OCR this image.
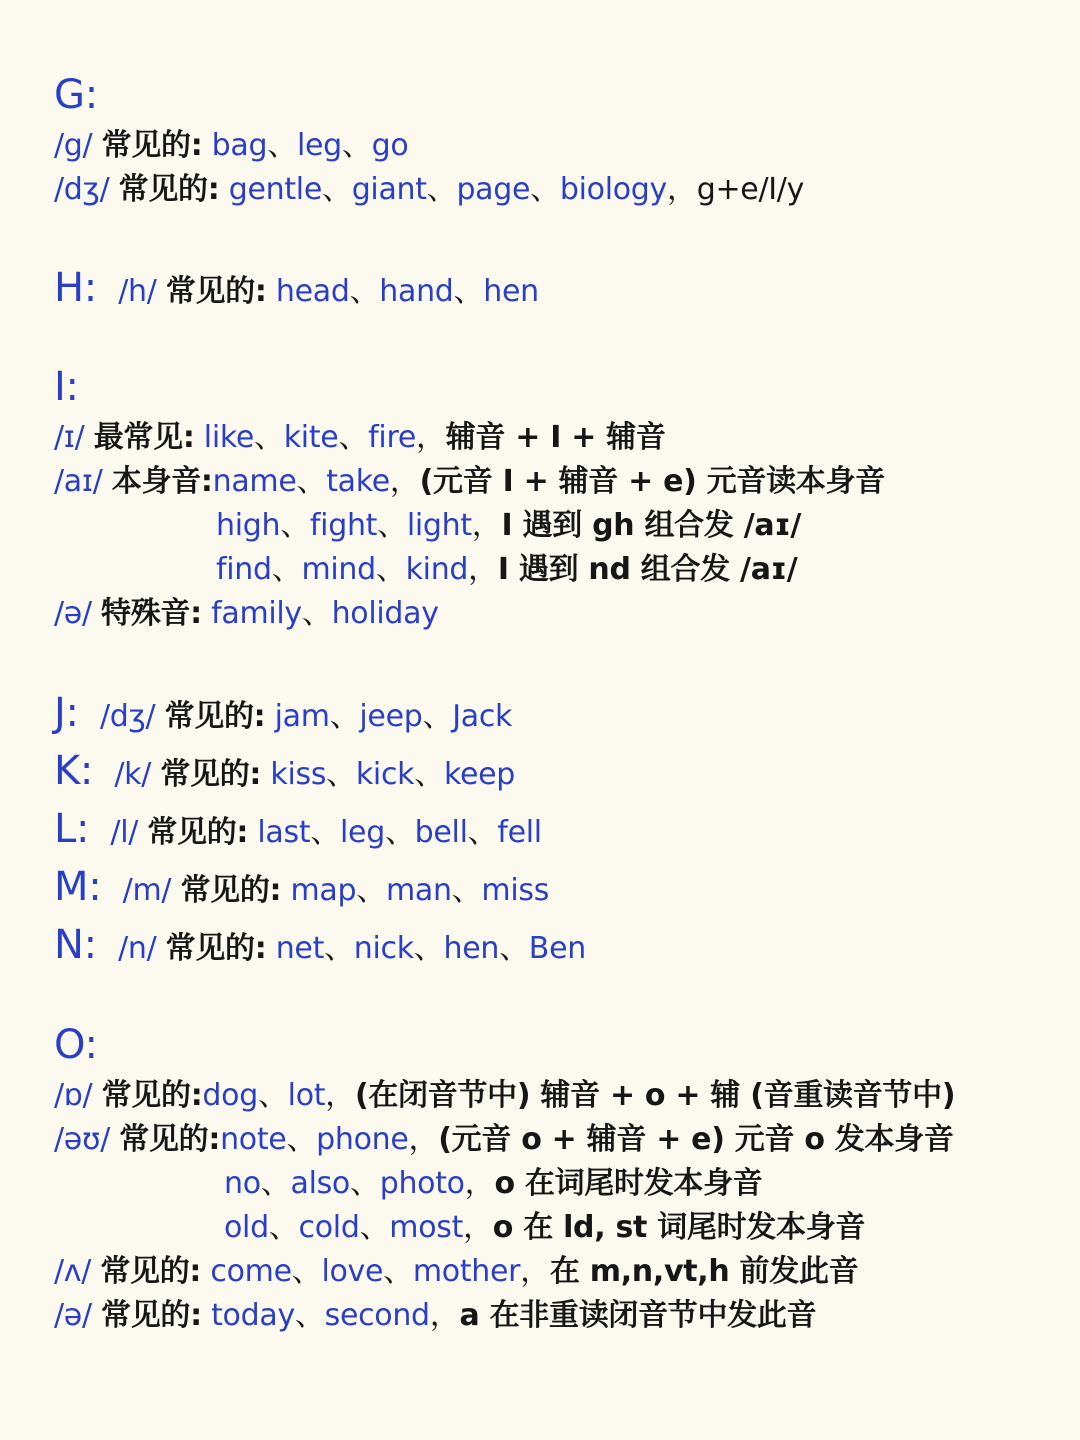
G:
/g/ 常见的: bag、leg、go
/dʒ/ 常见的: gentle、giant、page、biology，g+e/I/y
H: /h/ 常见的: head、hand、hen
I:
/ɪ/ 最常见: like、kite、fire，辅音 + I + 辅音
/aɪ/ 本身音:name、take，(元音 I + 辅音 + e) 元音读本身音
high、fight、light，I 遇到 gh 组合发 /aɪ/
find、mind、kind，I 遇到 nd 组合发 /aɪ/
/ə/ 特殊音: family、holiday
J: /dʒ/ 常见的: jam、jeep、Jack
K: /k/ 常见的: kiss、kick、keep
L: /l/ 常见的: last、leg、bell、fell
M: /m/ 常见的: map、man、miss
N: /n/ 常见的: net、nick、hen、Ben
O:
/ɒ/ 常见的:dog、lot，(在闭音节中) 辅音 + o + 辅 (音重读音节中)
/əʊ/ 常见的:note、phone，(元音 o + 辅音 + e) 元音 o 发本身音
no、also、photo，o 在词尾时发本身音
old、cold、most，o 在 ld, st 词尾时发本身音
/ʌ/ 常见的: come、love、mother，在 m,n,vt,h 前发此音
/ə/ 常见的: today、second，a 在非重读闭音节中发此音
